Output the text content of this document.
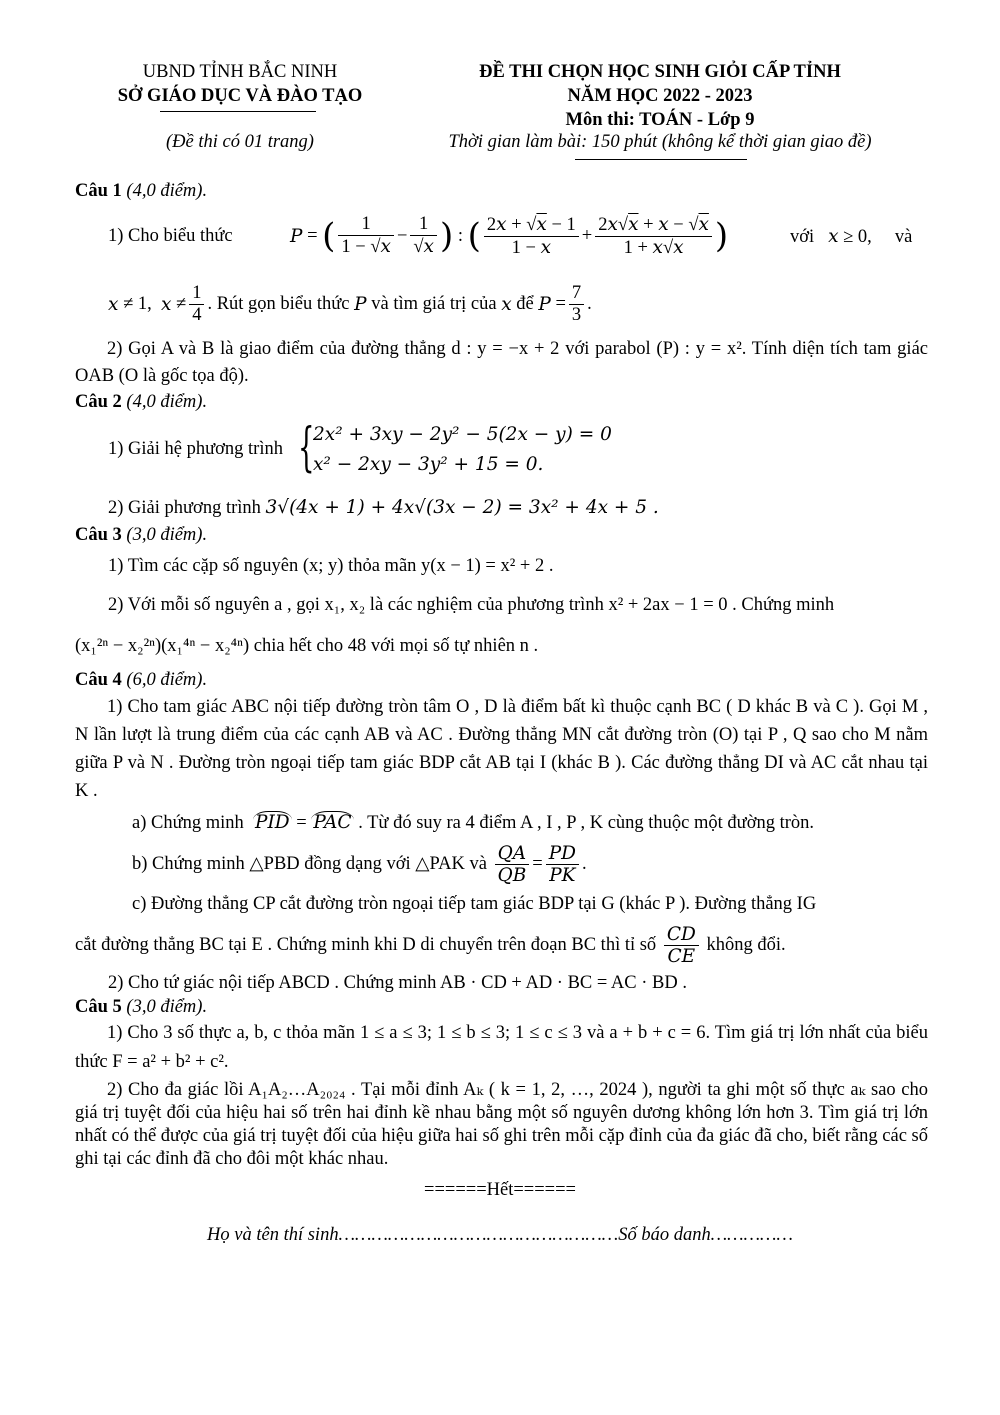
UBND TỈNH BẮC NINH
SỞ GIÁO DỤC VÀ ĐÀO TẠO
(Đề thi có 01 trang)
ĐỀ THI CHỌN HỌC SINH GIỎI CẤP TỈNH
NĂM HỌC 2022 - 2023
Môn thi: TOÁN - Lớp 9
Thời gian làm bài: 150 phút (không kể thời gian giao đề)
Câu 1 (4,0 điểm).
1) Cho biểu thức	P = ( $\frac{1}{1 - √x} - \frac{1}{√x}$ ) : ( $\frac{2x + √x - 1}{1 - x} + \frac{2x√x + x - √x}{1 + x√x}$ )	với x ≥ 0,     và
x ≠ 1, $x \ne \frac{1}{4}$ . Rút gọn biểu thức
P
và tìm giá trị của
x
để
$P = \frac{7}{3}$ .
2) Gọi A và B là giao điểm của đường thẳng d : y = −x + 2 với parabol (P) : y = x². Tính diện tích tam giác OAB (O là gốc tọa độ).
Câu 2 (4,0 điểm).
1) Giải hệ phương trình {
2x² + 3xy − 2y² − 5(2x − y) = 0
x² − 2xy − 3y² + 15 = 0.
2) Giải phương trình 3√(4x + 1) + 4x√(3x − 2) = 3x² + 4x + 5 .
Câu 3 (3,0 điểm).
1) Tìm các cặp số nguyên (x; y) thỏa mãn y(x − 1) = x² + 2 .
2) Với mỗi số nguyên a , gọi x₁, x₂ là các nghiệm của phương trình x² + 2ax − 1 = 0 . Chứng minh
(x₁²ⁿ − x₂²ⁿ)(x₁⁴ⁿ − x₂⁴ⁿ) chia hết cho 48 với mọi số tự nhiên n .
Câu 4 (6,0 điểm).
1) Cho tam giác ABC nội tiếp đường tròn tâm O , D là điểm bất kì thuộc cạnh BC ( D khác B và C ). Gọi M , N lần lượt là trung điểm của các cạnh AB và AC . Đường thẳng MN cắt đường tròn (O) tại P , Q sao cho M nằm giữa P và N . Đường tròn ngoại tiếp tam giác BDP cắt AB tại I (khác B ). Các đường thẳng DI và AC cắt nhau tại K .
a) Chứng minh PID = PAC . Từ đó suy ra 4 điểm A , I , P , K cùng thuộc một đường tròn.
b) Chứng minh △PBD đồng dạng với △PAK và
$\frac{QA}{QB} = \frac{PD}{PK}$ .
c) Đường thẳng CP cắt đường tròn ngoại tiếp tam giác BDP tại G (khác P ). Đường thẳng IG
cắt đường thẳng BC tại E . Chứng minh khi D di chuyển trên đoạn BC thì tỉ số
$\frac{CD}{CE}$
không đổi.
2) Cho tứ giác nội tiếp ABCD . Chứng minh AB · CD + AD · BC = AC · BD .
Câu 5 (3,0 điểm).
1) Cho 3 số thực a, b, c thỏa mãn 1 ≤ a ≤ 3; 1 ≤ b ≤ 3; 1 ≤ c ≤ 3 và a + b + c = 6. Tìm giá trị lớn nhất của biểu thức F = a² + b² + c².
2) Cho đa giác lồi A₁A₂…A₂₀₂₄ . Tại mỗi đỉnh Aₖ ( k = 1, 2, …, 2024 ), người ta ghi một số thực aₖ sao cho giá trị tuyệt đối của hiệu hai số trên hai đỉnh kề nhau bằng một số nguyên dương không lớn hơn 3. Tìm giá trị lớn nhất có thể được của giá trị tuyệt đối của hiệu giữa hai số ghi trên mỗi cặp đỉnh của đa giác đã cho, biết rằng các số ghi tại các đỉnh đã cho đôi một khác nhau.
======Hết======
Họ và tên thí sinh……………………………………………Số báo danh……………
